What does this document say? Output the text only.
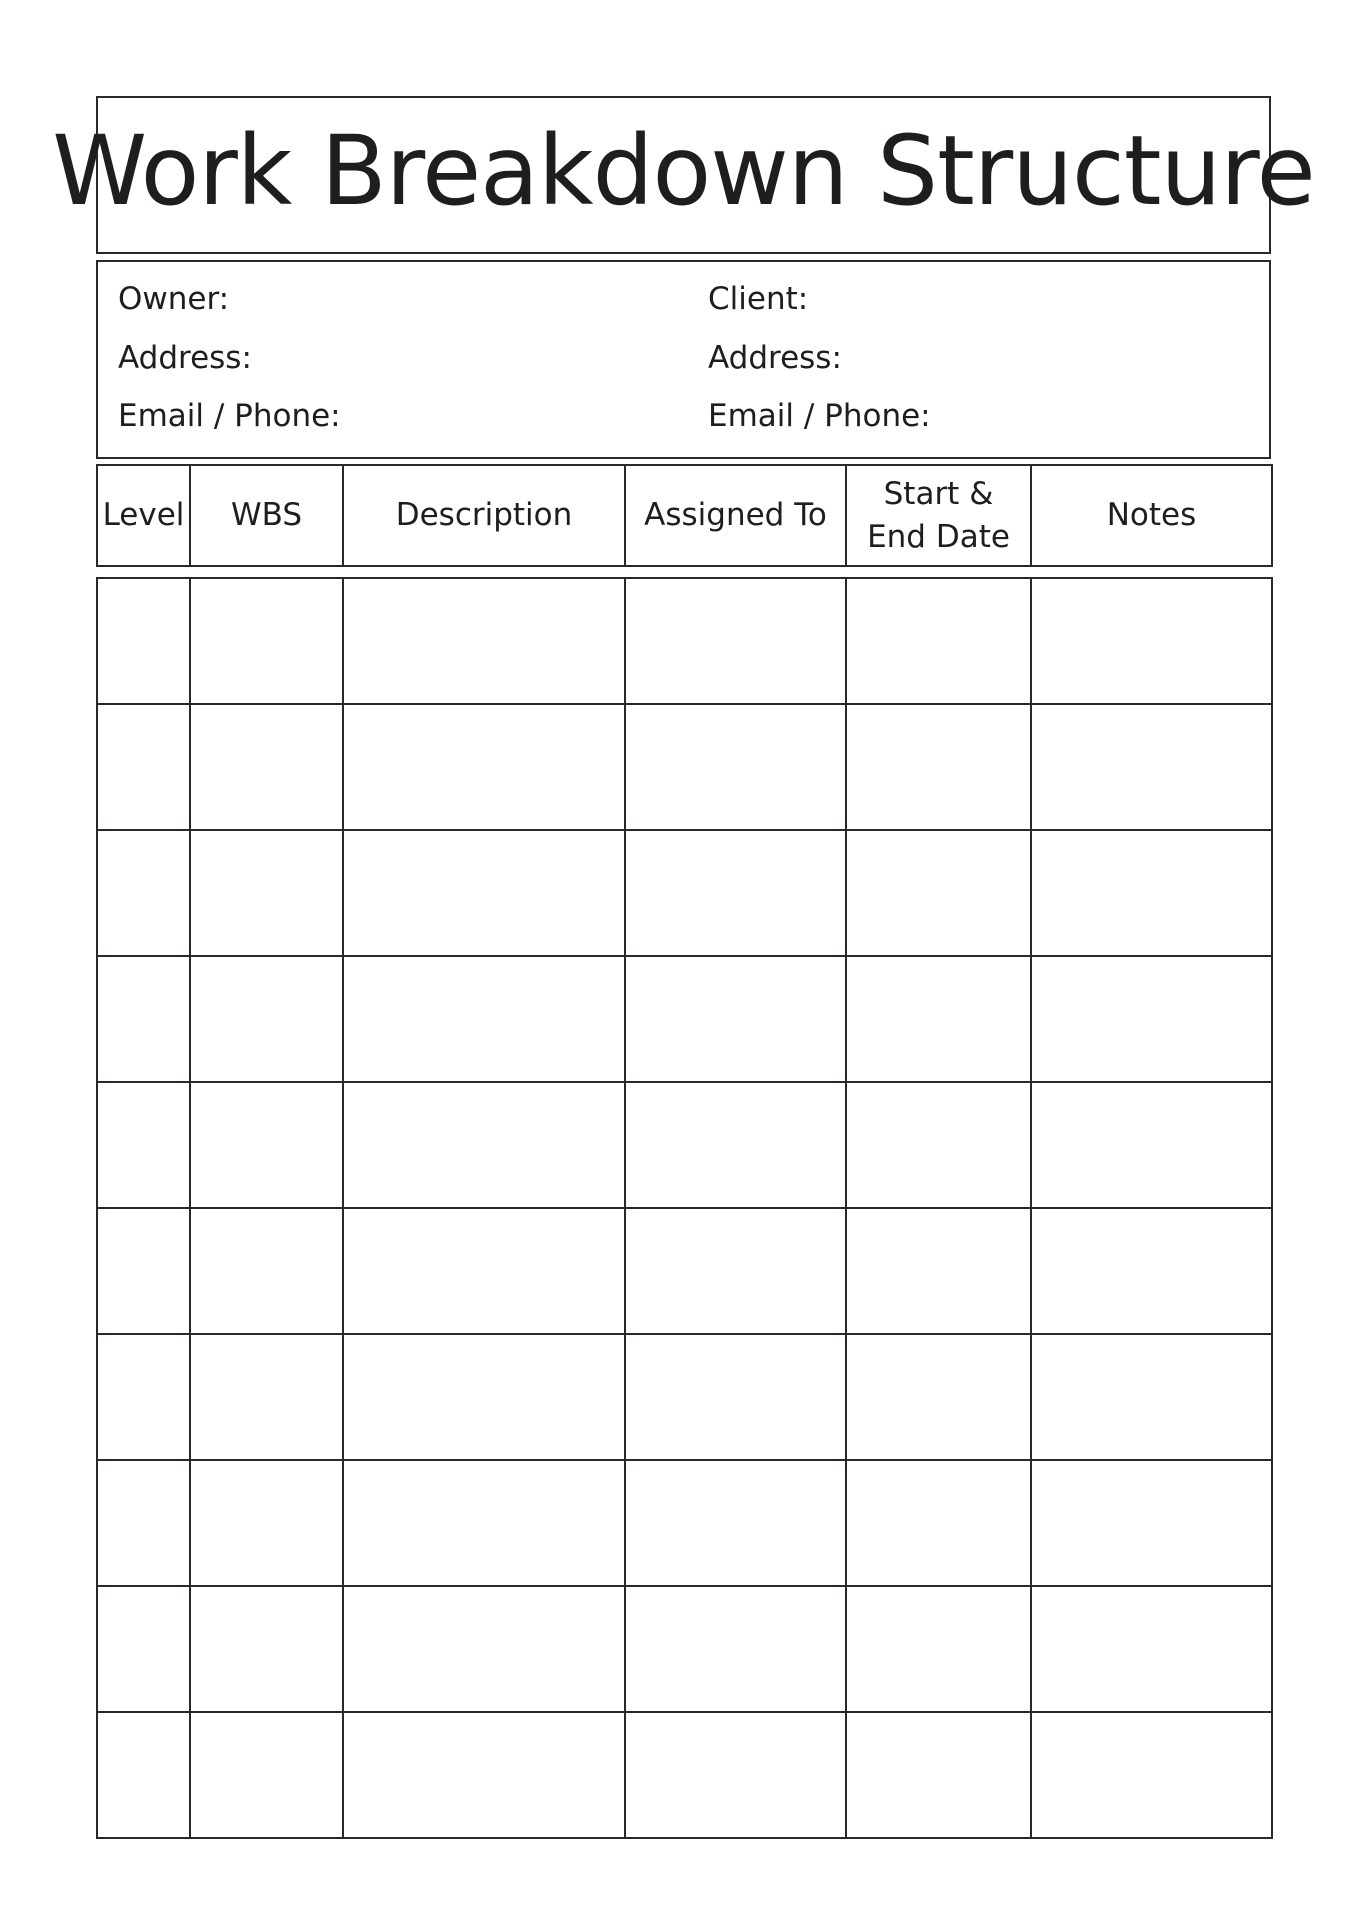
Work Breakdown Structure
Owner:
Address:
Email / Phone:
Client:
Address:
Email / Phone:
Level	WBS	Description	Assigned To	Start & End Date	Notes
